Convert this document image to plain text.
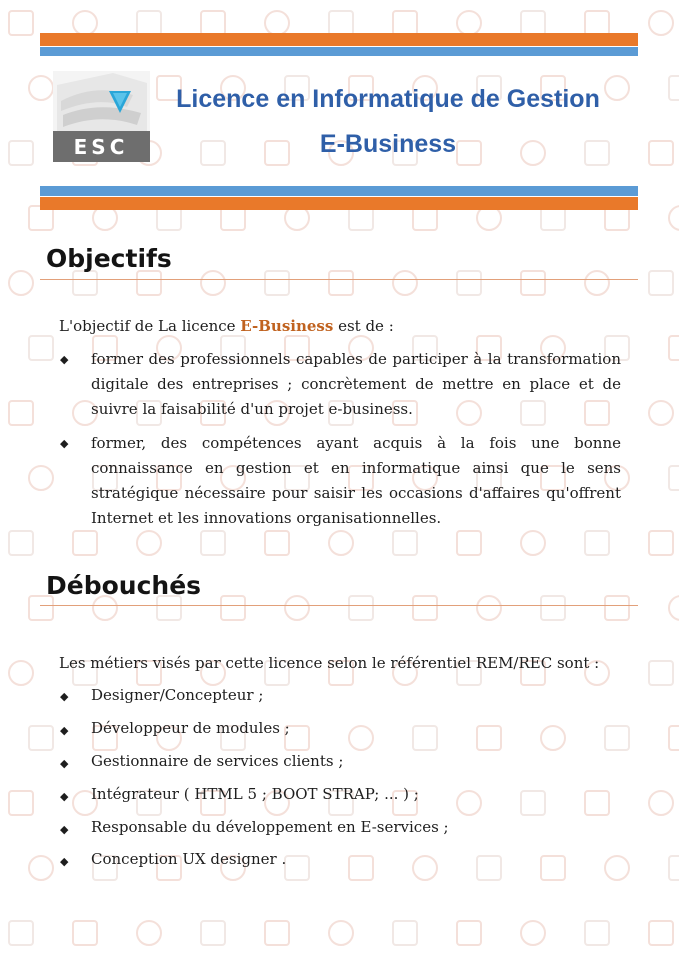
ESC
Licence en Informatique de Gestion
E-Business
Objectifs
L'objectif de La licence E-Business est de :
◆ former des professionnels capables de participer à la transformation digitale des entreprises ; concrètement de mettre en place et de suivre la faisabilité d'un projet e-business.
◆ former, des compétences ayant acquis à la fois une bonne connaissance en gestion et en informatique ainsi que le sens stratégique nécessaire pour saisir les occasions d'affaires qu'offrent Internet et les innovations organisationnelles.
Débouchés
Les métiers visés par cette licence selon le référentiel REM/REC sont :
◆ Designer/Concepteur ;
◆ Développeur de modules ;
◆ Gestionnaire de services clients ;
◆ Intégrateur ( HTML 5 ; BOOT STRAP; ... ) ;
◆ Responsable du développement en E-services ;
◆ Conception UX designer .
